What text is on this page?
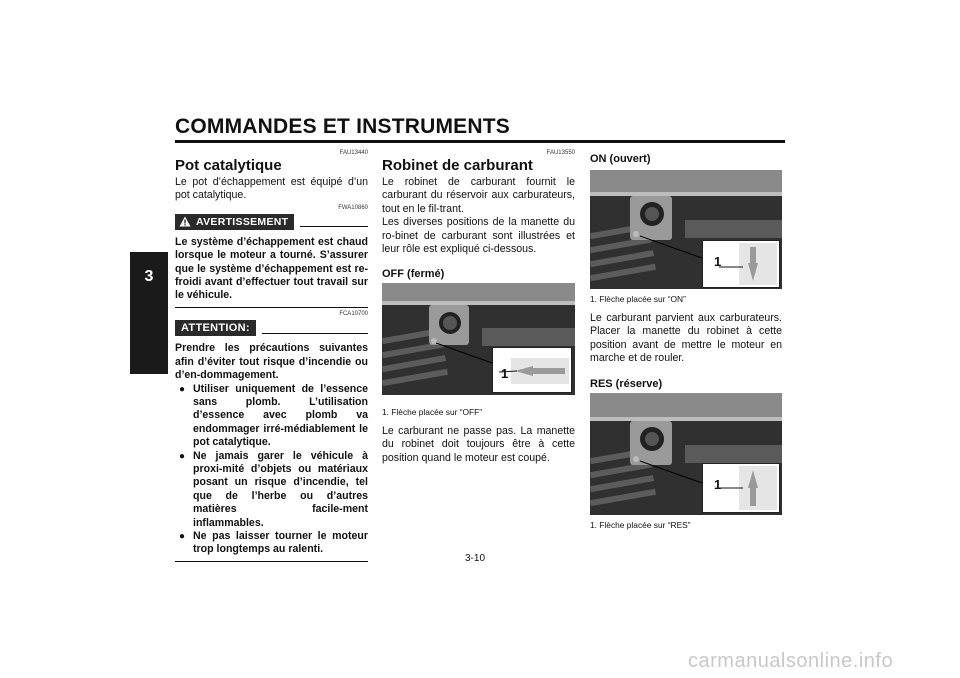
COMMANDES ET INSTRUMENTS
3
FAU13440
Pot catalytique
Le pot d’échappement est équipé d’un pot catalytique.
FWA10860
AVERTISSEMENT
Le système d’échappement est chaud lorsque le moteur a tourné. S’assurer que le système d’échappement est re-froidi avant d’effectuer tout travail sur le véhicule.
FCA10700
ATTENTION:
Prendre les précautions suivantes afin d’éviter tout risque d’incendie ou d’en-dommagement.
● Utiliser uniquement de l’essence sans plomb. L’utilisation d’essence avec plomb va endommager irré-médiablement le pot catalytique.
● Ne jamais garer le véhicule à proxi-mité d’objets ou matériaux posant un risque d’incendie, tel que de l’herbe ou d’autres matières facile-ment inflammables.
● Ne pas laisser tourner le moteur trop longtemps au ralenti.
FAU13550
Robinet de carburant
Le robinet de carburant fournit le carburant du réservoir aux carburateurs, tout en le fil-trant.
Les diverses positions de la manette du ro-binet de carburant sont illustrées et leur rôle est expliqué ci-dessous.
OFF (fermé)
1
1. Flèche placée sur “OFF”
Le carburant ne passe pas. La manette du robinet doit toujours être à cette position quand le moteur est coupé.
ON (ouvert)
1
1. Flèche placée sur “ON”
Le carburant parvient aux carburateurs. Placer la manette du robinet à cette position avant de mettre le moteur en marche et de rouler.
RES (réserve)
1
1. Flèche placée sur “RES”
3-10
carmanualsonline.info
